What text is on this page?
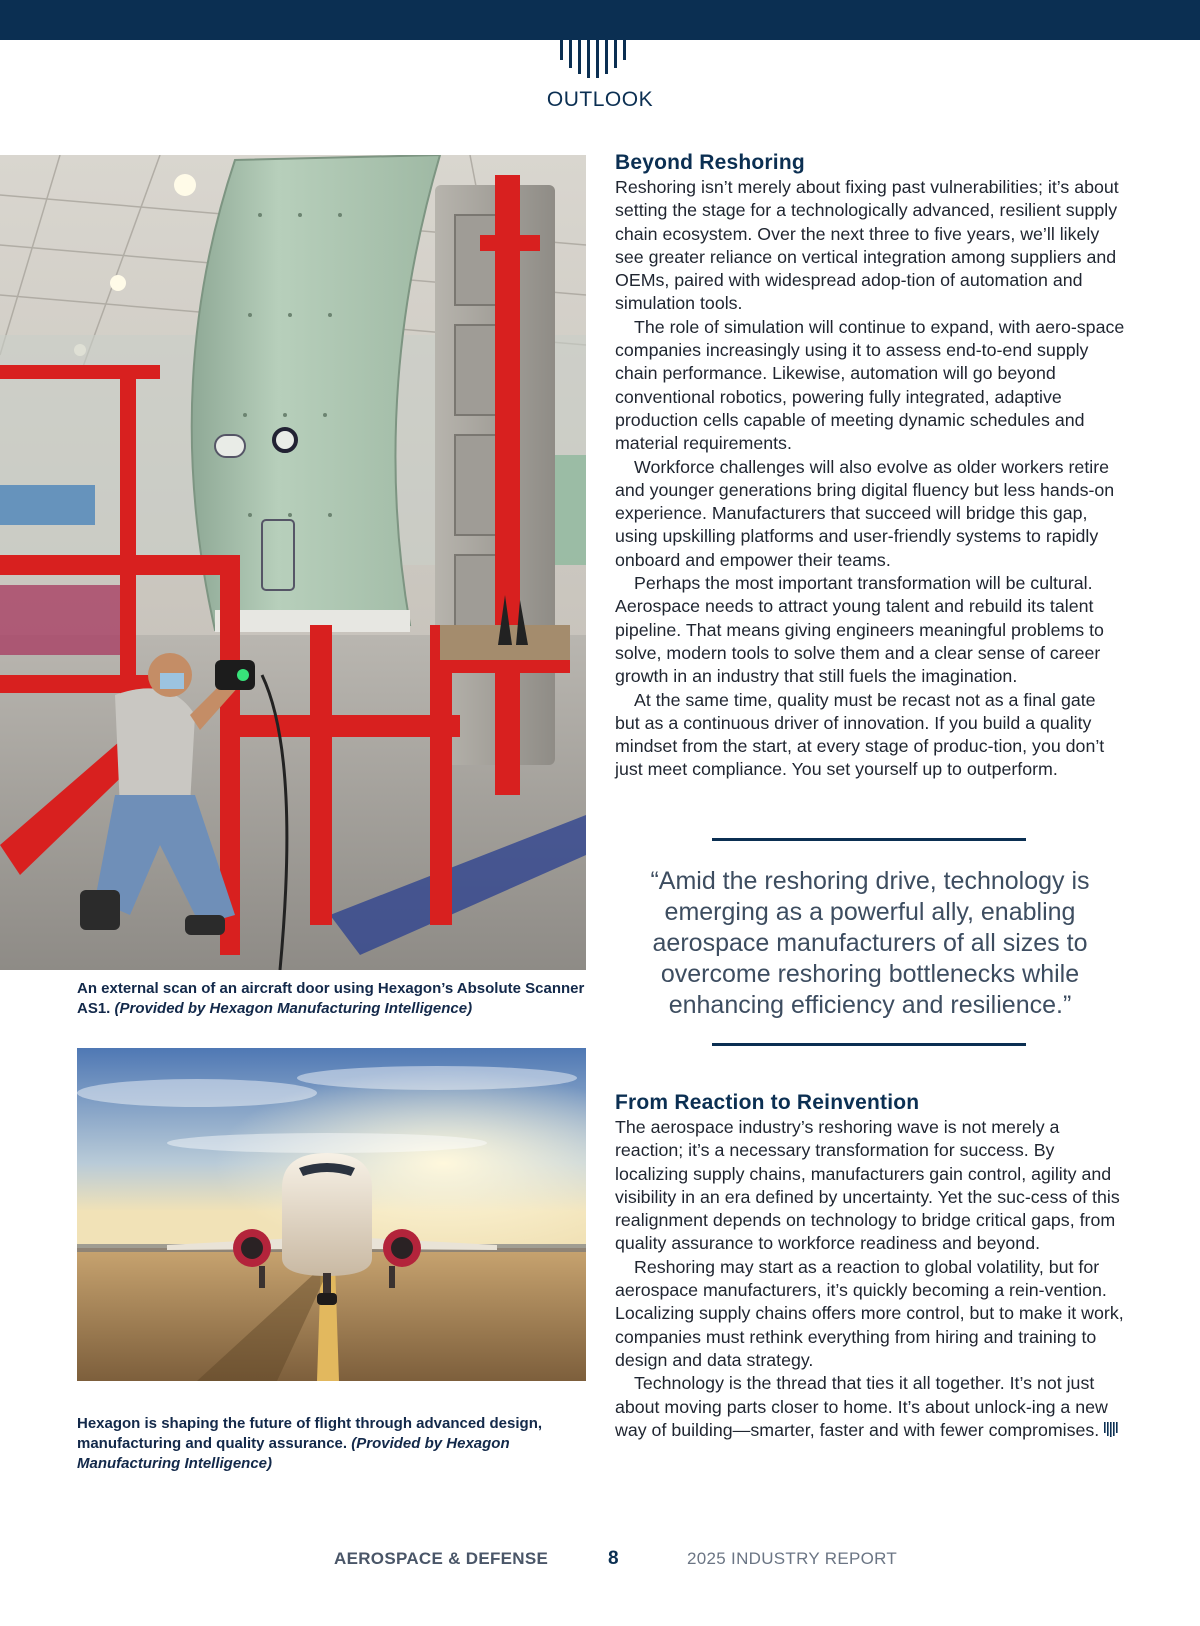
OUTLOOK
An external scan of an aircraft door using Hexagon’s Absolute Scanner AS1. (Provided by Hexagon Manufacturing Intelligence)
Hexagon is shaping the future of flight through advanced design, manufacturing and quality assurance. (Provided by Hexagon Manufacturing Intelligence)
Beyond Reshoring

Reshoring isn’t merely about fixing past vulnerabilities; it’s about setting the stage for a technologically advanced, resilient supply chain ecosystem. Over the next three to five years, we’ll likely see greater reliance on vertical integration among suppliers and OEMs, paired with widespread adop-tion of automation and simulation tools.

The role of simulation will continue to expand, with aero-space companies increasingly using it to assess end-to-end supply chain performance. Likewise, automation will go beyond conventional robotics, powering fully integrated, adaptive production cells capable of meeting dynamic schedules and material requirements.

Workforce challenges will also evolve as older workers retire and younger generations bring digital fluency but less hands-on experience. Manufacturers that succeed will bridge this gap, using upskilling platforms and user-friendly systems to rapidly onboard and empower their teams.

Perhaps the most important transformation will be cultural. Aerospace needs to attract young talent and rebuild its talent pipeline. That means giving engineers meaningful problems to solve, modern tools to solve them and a clear sense of career growth in an industry that still fuels the imagination.

At the same time, quality must be recast not as a final gate but as a continuous driver of innovation. If you build a quality mindset from the start, at every stage of produc-tion, you don’t just meet compliance. You set yourself up to outperform.

“Amid the reshoring drive, technology is emerging as a powerful ally, enabling aerospace manufacturers of all sizes to overcome reshoring bottlenecks while enhancing efficiency and resilience.”
From Reaction to Reinvention

The aerospace industry’s reshoring wave is not merely a reaction; it’s a necessary transformation for success. By localizing supply chains, manufacturers gain control, agility and visibility in an era defined by uncertainty. Yet the suc-cess of this realignment depends on technology to bridge critical gaps, from quality assurance to workforce readiness and beyond.

Reshoring may start as a reaction to global volatility, but for aerospace manufacturers, it’s quickly becoming a rein-vention. Localizing supply chains offers more control, but to make it work, companies must rethink everything from hiring and training to design and data strategy.

Technology is the thread that ties it all together. It’s not just about moving parts closer to home. It’s about unlock-ing a new way of building—smarter, faster and with fewer compromises.

AEROSPACE & DEFENSE	8	2025 INDUSTRY REPORT
